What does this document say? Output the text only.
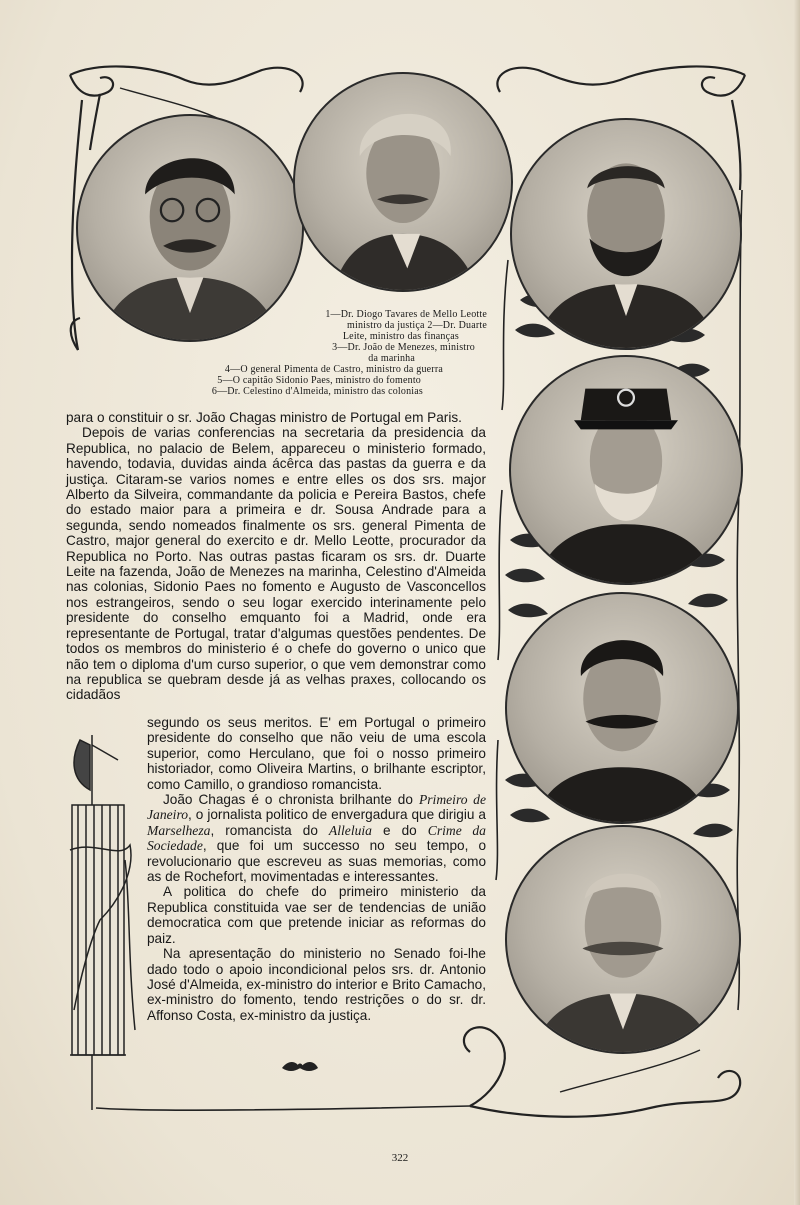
1—Dr. Diogo Tavares de Mello Leotte
ministro da justiça 2—Dr. Duarte
Leite, ministro das finanças
3—Dr. João de Menezes, ministro
da marinha
4—O general Pimenta de Castro, ministro da guerra
5—O capitão Sidonio Paes, ministro do fomento
6—Dr. Celestino d'Almeida, ministro das colonias

para o constituir o sr. João Chagas ministro de Portugal em Paris.

Depois de varias conferencias na secretaria da presidencia da Republica, no palacio de Belem, appareceu o ministerio formado, havendo, todavia, duvidas ainda ácêrca das pastas da guerra e da justiça. Citaram-se varios nomes e entre elles os dos srs. major Alberto da Silveira, commandante da policia e Pereira Bastos, chefe do estado maior para a primeira e dr. Sousa Andrade para a segunda, sendo nomeados finalmente os srs. general Pimenta de Castro, major general do exercito e dr. Mello Leotte, procurador da Republica no Porto. Nas outras pastas ficaram os srs. dr. Duarte Leite na fazenda, João de Menezes na marinha, Celestino d'Almeida nas colonias, Sidonio Paes no fomento e Augusto de Vasconcellos nos estrangeiros, sendo o seu logar exercido interinamente pelo presidente do conselho emquanto foi a Madrid, onde era representante de Portugal, tratar d'algumas questões pendentes. De todos os membros do ministerio é o chefe do governo o unico que não tem o diploma d'um curso superior, o que vem demonstrar como na republica se quebram desde já as velhas praxes, collocando os cidadãos

segundo os seus meritos. E' em Portugal o primeiro presidente do conselho que não veiu de uma escola superior, como Herculano, que foi o nosso primeiro historiador, como Oliveira Martins, o brilhante escriptor, como Camillo, o grandioso romancista.

João Chagas é o chronista brilhante do Primeiro de Janeiro, o jornalista politico de envergadura que dirigiu a Marselheza, romancista do Alleluia e do Crime da Sociedade, que foi um successo no seu tempo, o revolucionario que escreveu as suas memorias, como as de Rochefort, movimentadas e interessantes.

A politica do chefe do primeiro ministerio da Republica constituida vae ser de tendencias de união democratica com que pretende iniciar as reformas do paiz.

Na apresentação do ministerio no Senado foi-lhe dado todo o apoio incondicional pelos srs. dr. Antonio José d'Almeida, ex-ministro do interior e Brito Camacho, ex-ministro do fomento, tendo restrições o do sr. dr. Affonso Costa, ex-ministro da justiça.

322
